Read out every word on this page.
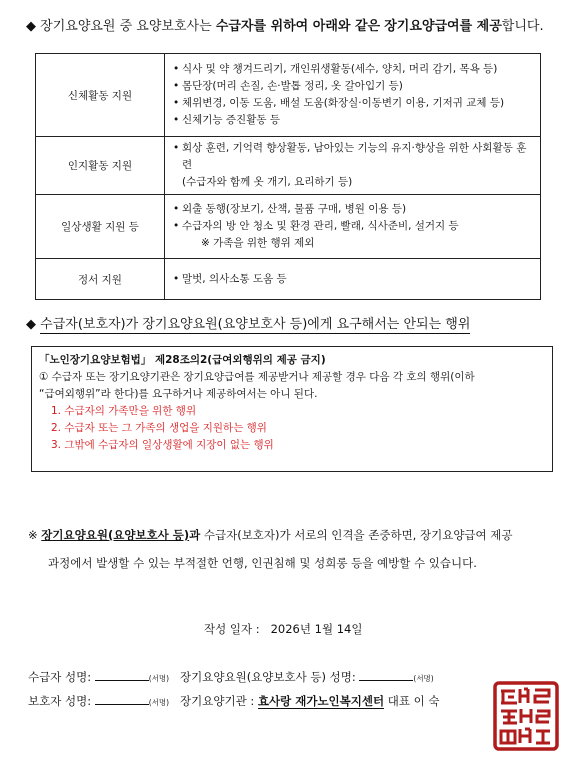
◆ 장기요양요원 중 요양보호사는 수급자를 위하여 아래와 같은 장기요양급여를 제공합니다.
신체활동 지원	• 식사 및 약 챙겨드리기, 개인위생활동(세수, 양치, 머리 감기, 목욕 등)
• 몸단장(머리 손질, 손·발톱 정리, 옷 갈아입기 등)
• 체위변경, 이동 도움, 배설 도움(화장실·이동변기 이용, 기저귀 교체 등)
• 신체기능 증진활동 등

인지활동 지원	• 회상 훈련, 기억력 향상활동, 남아있는 기능의 유지·향상을 위한 사회활동 훈련
(수급자와 함께 옷 개기, 요리하기 등)

일상생활 지원 등	• 외출 동행(장보기, 산책, 물품 구매, 병원 이용 등)
• 수급자의 방 안 청소 및 환경 관리, 빨래, 식사준비, 설거지 등
※ 가족을 위한 행위 제외

정서 지원	• 말벗, 의사소통 도움 등
◆ 수급자(보호자)가 장기요양요원(요양보호사 등)에게 요구해서는 안되는 행위
「노인장기요양보험법」 제28조의2(급여외행위의 제공 금지)
① 수급자 또는 장기요양기관은 장기요양급여를 제공받거나 제공할 경우 다음 각 호의 행위(이하
“급여외행위”라 한다)를 요구하거나 제공하여서는 아니 된다.
1. 수급자의 가족만을 위한 행위
2. 수급자 또는 그 가족의 생업을 지원하는 행위
3. 그밖에 수급자의 일상생활에 지장이 없는 행위
※ 장기요양요원(요양보호사 등)과 수급자(보호자)가 서로의 인격을 존중하면, 장기요양급여 제공
과정에서 발생할 수 있는 부적절한 언행, 인권침해 및 성희롱 등을 예방할 수 있습니다.
작성 일자 : 2026년 1월 14일
수급자 성명:	(서명) 장기요양요원(요양보호사 등) 성명:	(서명)
보호자 성명:	(서명) 장기요양기관 : 효사랑 재가노인복지센터 대표 이 숙
